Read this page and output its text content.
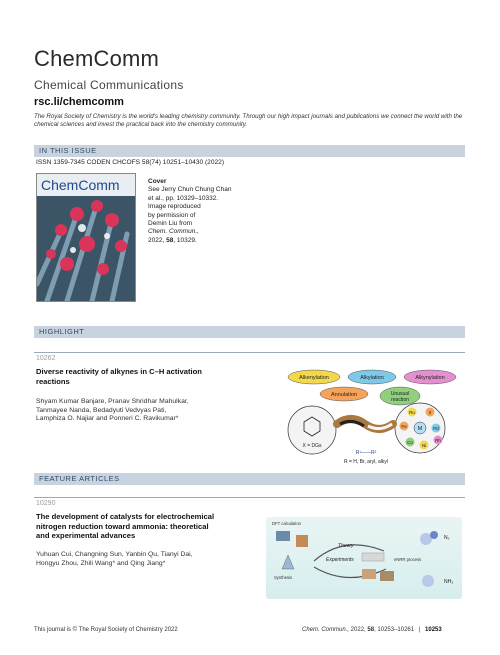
ChemComm
Chemical Communications
rsc.li/chemcomm
The Royal Society of Chemistry is the world's leading chemistry community. Through our high impact journals and publications we connect the world with the chemical sciences and invest the practical back into the chemistry community.
IN THIS ISSUE
ISSN 1359-7345 CODEN CHCOFS 58(74) 10251–10430 (2022)
ChemComm	Cover
See Jerry Chun Chung Chan
et al., pp. 10329–10332.
Image reproduced
by permission of
Demin Liu from
Chem. Commun.,
2022, 58, 10329.
HIGHLIGHT
10262
Diverse reactivity of alkynes in C–H activation
reactions
Shyam Kumar Banjare, Pranav Shridhar Mahulkar,
Tanmayee Nanda, Bedadyuti Vedvyas Pati,
Lamphiza O. Najiar and Ponneri C. Ravikumar*
Alkenylation	Alkylation	Alkynylation
Annulation	Unusual
reaction
X = DGs
M
Ru	Ir
Fe	Pd
Co
Ni
Rh
R¹——R²
R = H, Br, aryl, alkyl
FEATURE ARTICLES
10290
The development of catalysts for electrochemical
nitrogen reduction toward ammonia: theoretical
and experimental advances
Yuhuan Cui, Changning Sun, Yanbin Qu, Tianyi Dai,
Hongyu Zhou, Zhili Wang* and Qing Jiang*
DFT calculation
Synthesis
Theory
Experiments	eNRR process
N₂
NH₃
This journal is © The Royal Society of Chemistry 2022	Chem. Commun., 2022, 58, 10253–10261 | 10253
